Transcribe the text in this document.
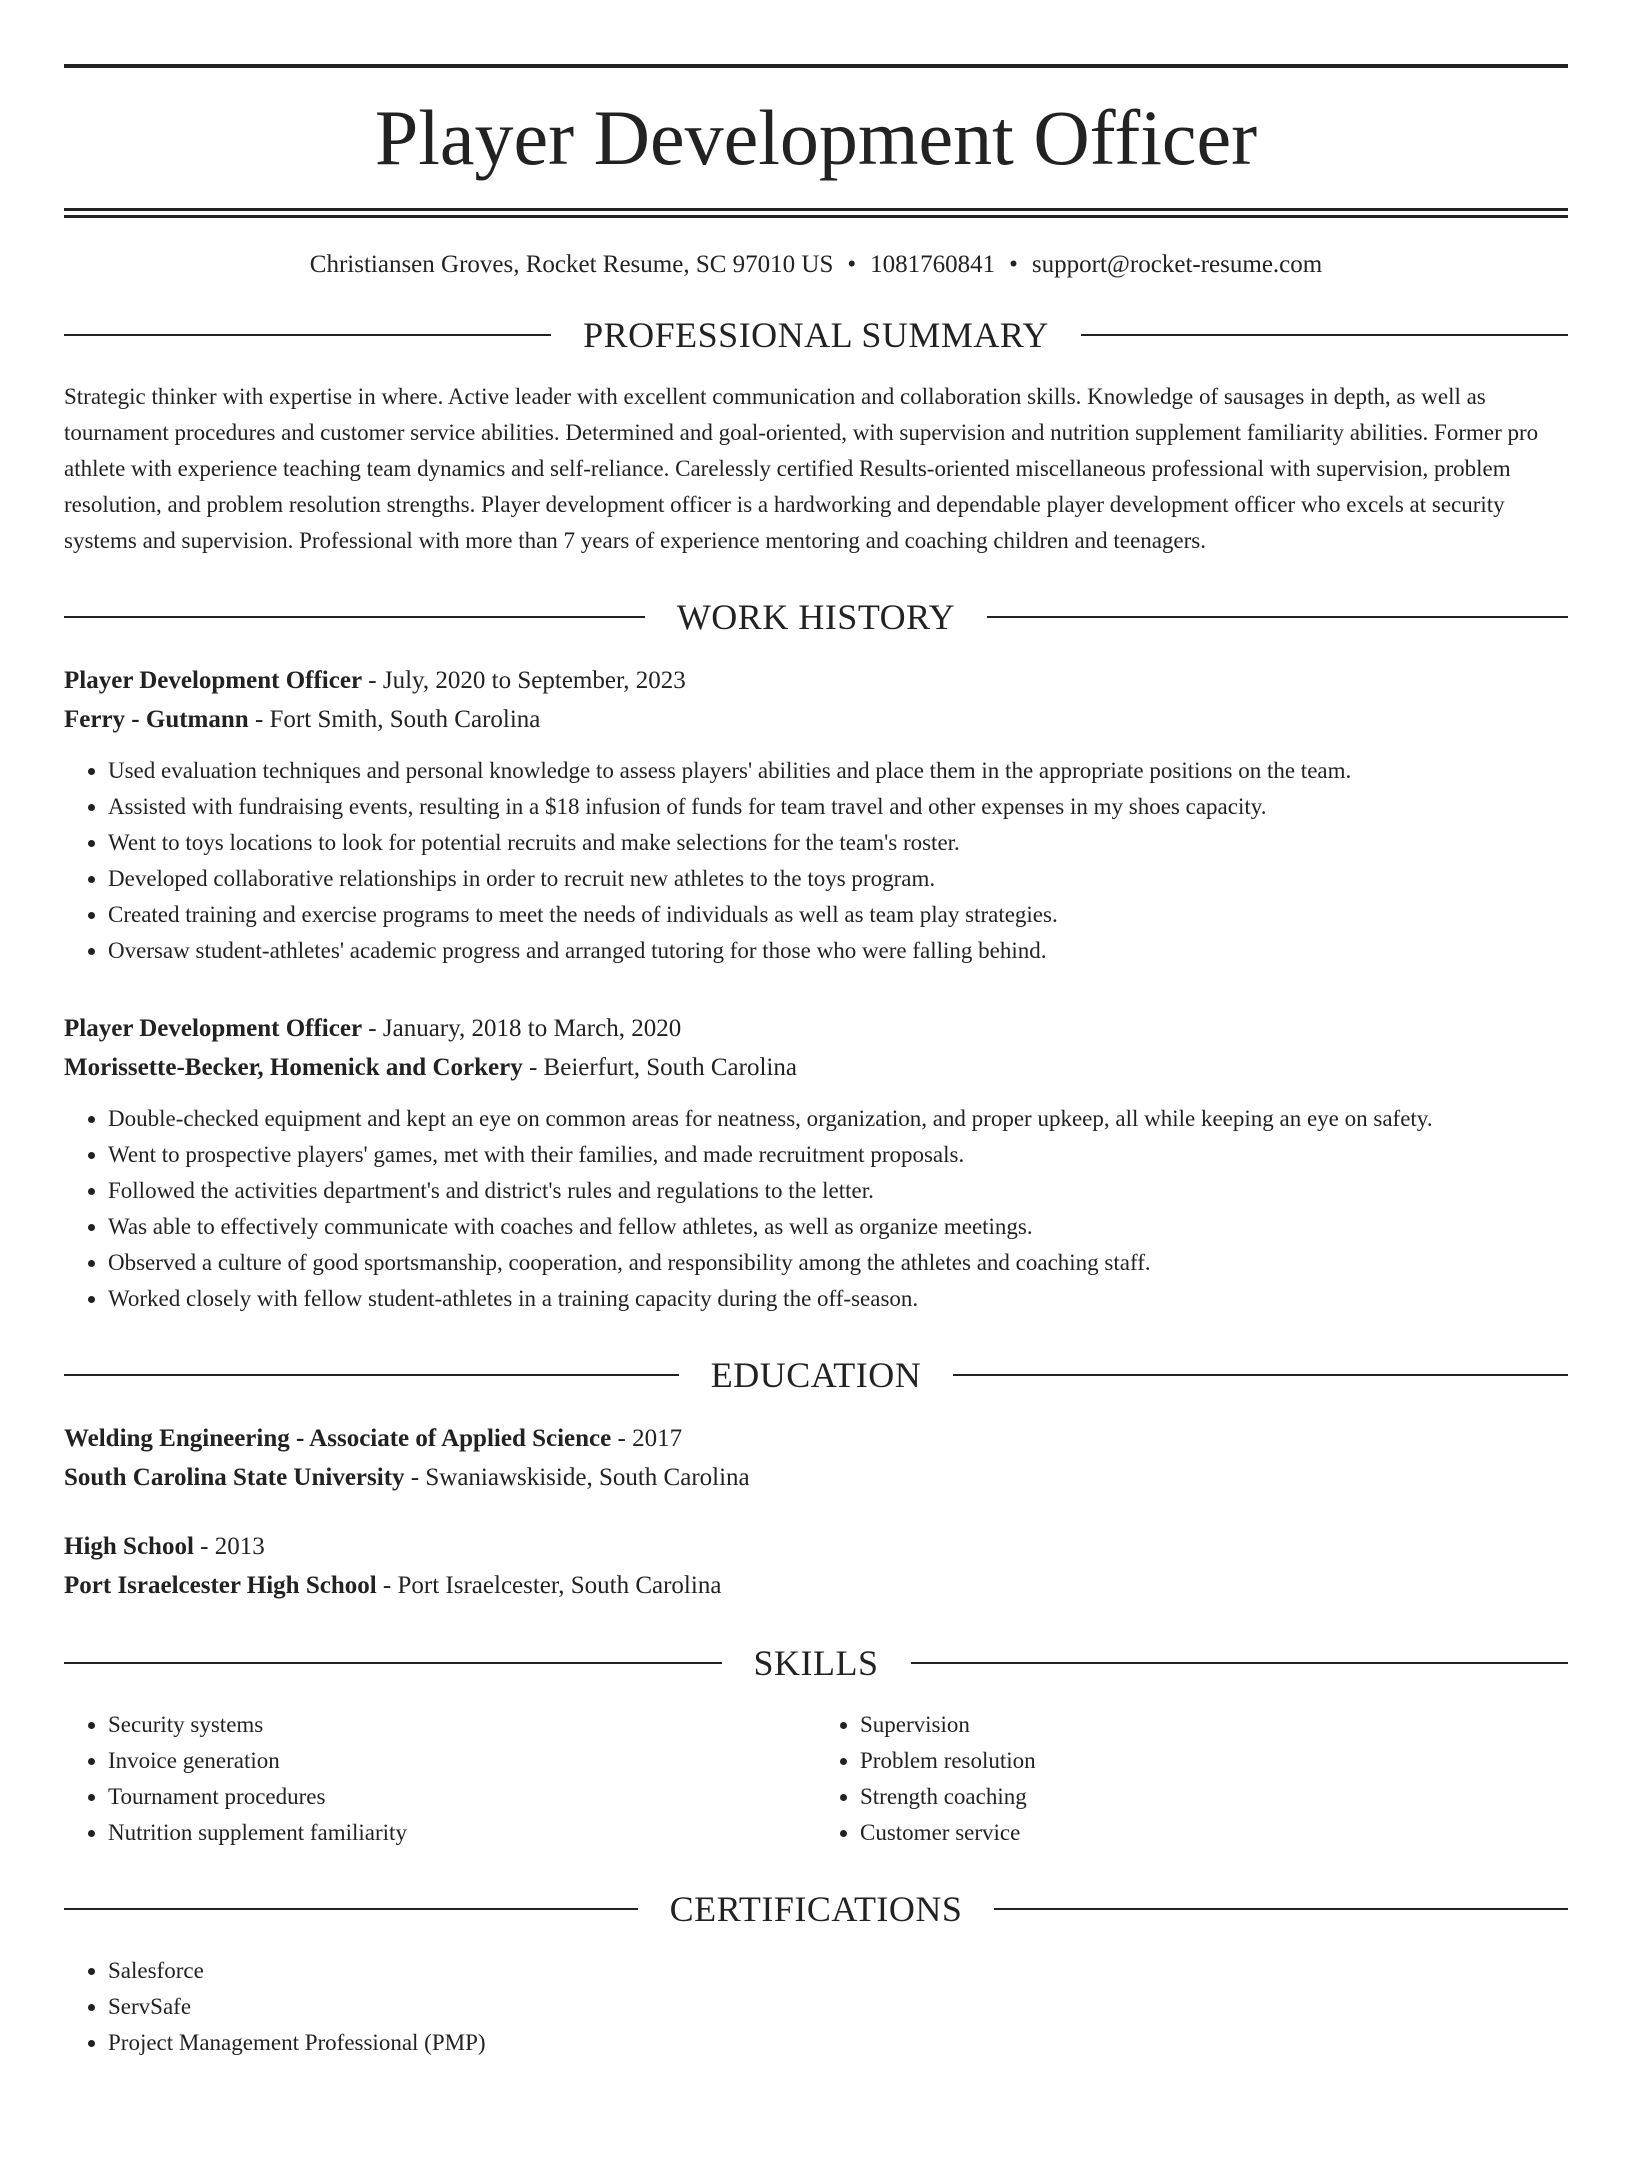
Player Development Officer

Christiansen Groves, Rocket Resume, SC 97010 US • 1081760841 • support@rocket-resume.com

PROFESSIONAL SUMMARY

Strategic thinker with expertise in where. Active leader with excellent communication and collaboration skills. Knowledge of sausages in depth, as well as tournament procedures and customer service abilities. Determined and goal-oriented, with supervision and nutrition supplement familiarity abilities. Former pro athlete with experience teaching team dynamics and self-reliance. Carelessly certified Results-oriented miscellaneous professional with supervision, problem resolution, and problem resolution strengths. Player development officer is a hardworking and dependable player development officer who excels at security systems and supervision. Professional with more than 7 years of experience mentoring and coaching children and teenagers.

WORK HISTORY

Player Development Officer - July, 2020 to September, 2023

Ferry - Gutmann - Fort Smith, South Carolina

• Used evaluation techniques and personal knowledge to assess players' abilities and place them in the appropriate positions on the team.
• Assisted with fundraising events, resulting in a $18 infusion of funds for team travel and other expenses in my shoes capacity.
• Went to toys locations to look for potential recruits and make selections for the team's roster.
• Developed collaborative relationships in order to recruit new athletes to the toys program.
• Created training and exercise programs to meet the needs of individuals as well as team play strategies.
• Oversaw student-athletes' academic progress and arranged tutoring for those who were falling behind.

Player Development Officer - January, 2018 to March, 2020

Morissette-Becker, Homenick and Corkery - Beierfurt, South Carolina

• Double-checked equipment and kept an eye on common areas for neatness, organization, and proper upkeep, all while keeping an eye on safety.
• Went to prospective players' games, met with their families, and made recruitment proposals.
• Followed the activities department's and district's rules and regulations to the letter.
• Was able to effectively communicate with coaches and fellow athletes, as well as organize meetings.
• Observed a culture of good sportsmanship, cooperation, and responsibility among the athletes and coaching staff.
• Worked closely with fellow student-athletes in a training capacity during the off-season.
EDUCATION

Welding Engineering - Associate of Applied Science - 2017

South Carolina State University - Swaniawskiside, South Carolina

High School - 2013

Port Israelcester High School - Port Israelcester, South Carolina

SKILLS
• Security systems
• Invoice generation
• Tournament procedures
• Nutrition supplement familiarity
• Supervision
• Problem resolution
• Strength coaching
• Customer service
CERTIFICATIONS
• Salesforce
• ServSafe
• Project Management Professional (PMP)
